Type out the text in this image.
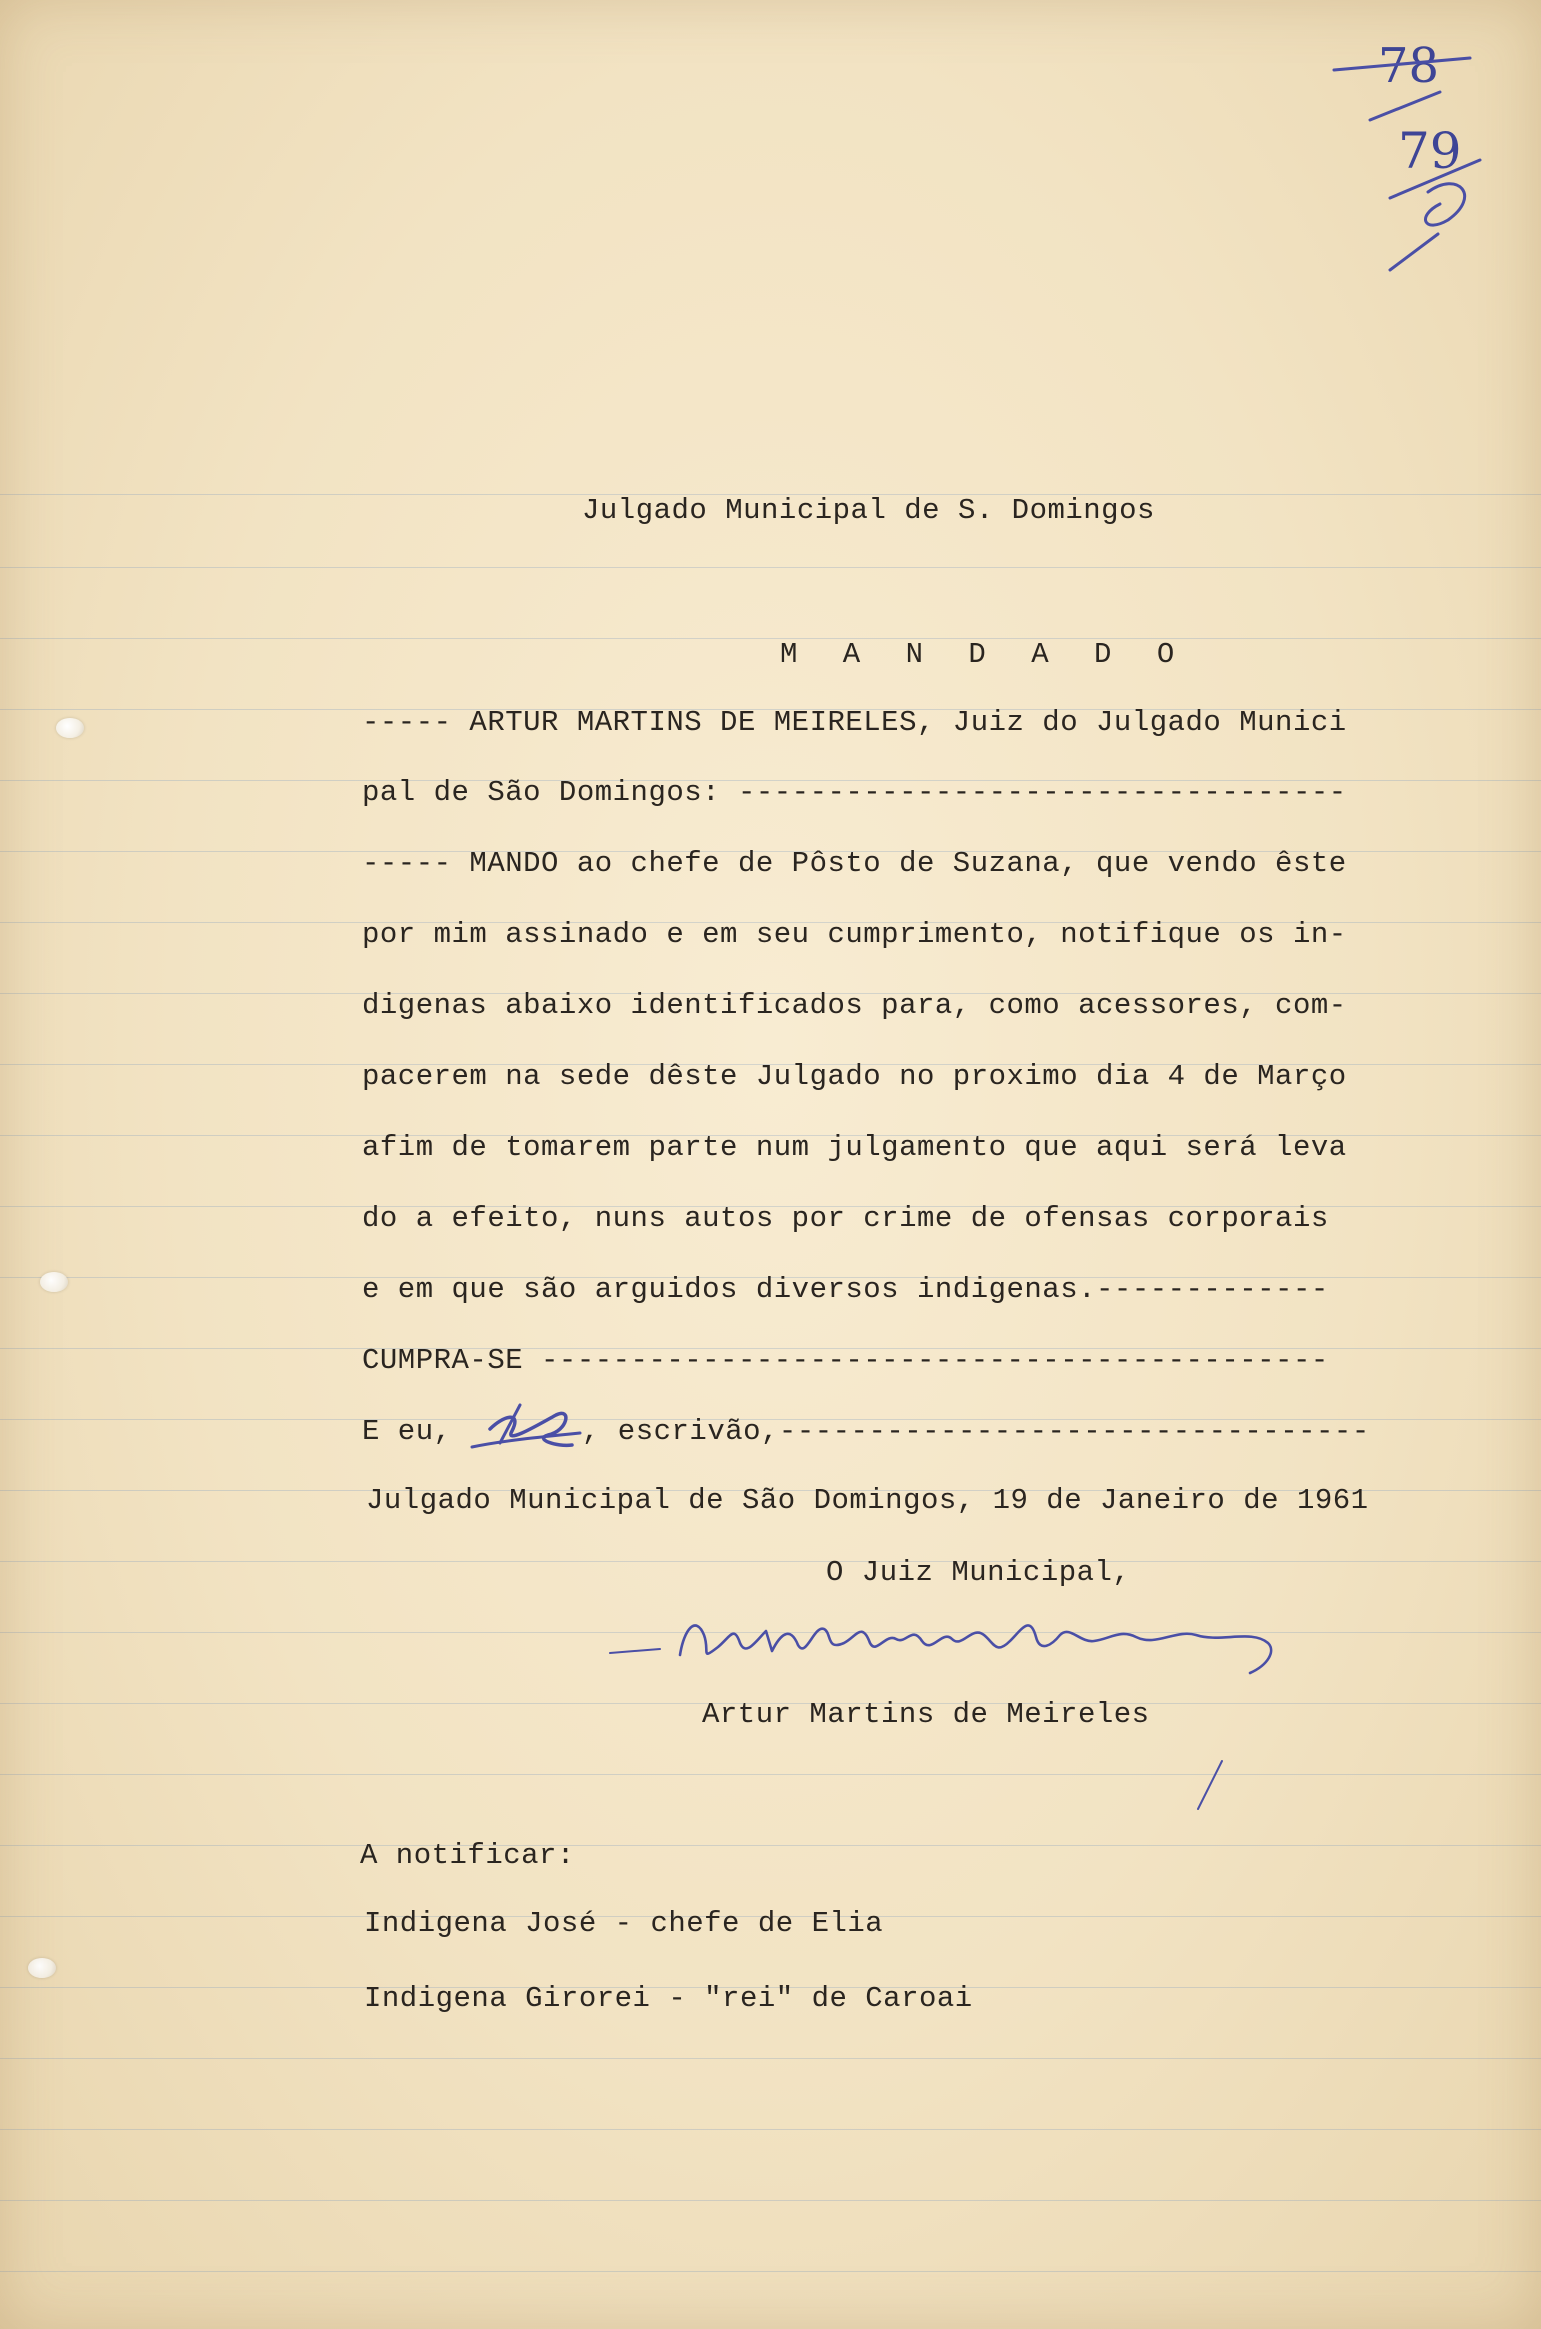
78
79
Julgado Municipal de S. Domingos
M A N D A D O
----- ARTUR MARTINS DE MEIRELES, Juiz do Julgado Munici
pal de São Domingos: ----------------------------------
----- MANDO ao chefe de Pôsto de Suzana, que vendo êste
por mim assinado e em seu cumprimento, notifique os in-
digenas abaixo identificados para, como acessores, com-
pacerem na sede dêste Julgado no proximo dia 4 de Março
afim de tomarem parte num julgamento que aqui será leva
do a efeito, nuns autos por crime de ofensas corporais
e em que são arguidos diversos indigenas.-------------
CUMPRA-SE --------------------------------------------
E eu,	, escrivão,---------------------------------
Julgado Municipal de São Domingos, 19 de Janeiro de 1961
O Juiz Municipal,
Artur Martins de Meireles
A notificar:
Indigena José - chefe de Elia
Indigena Girorei - "rei" de Caroai
